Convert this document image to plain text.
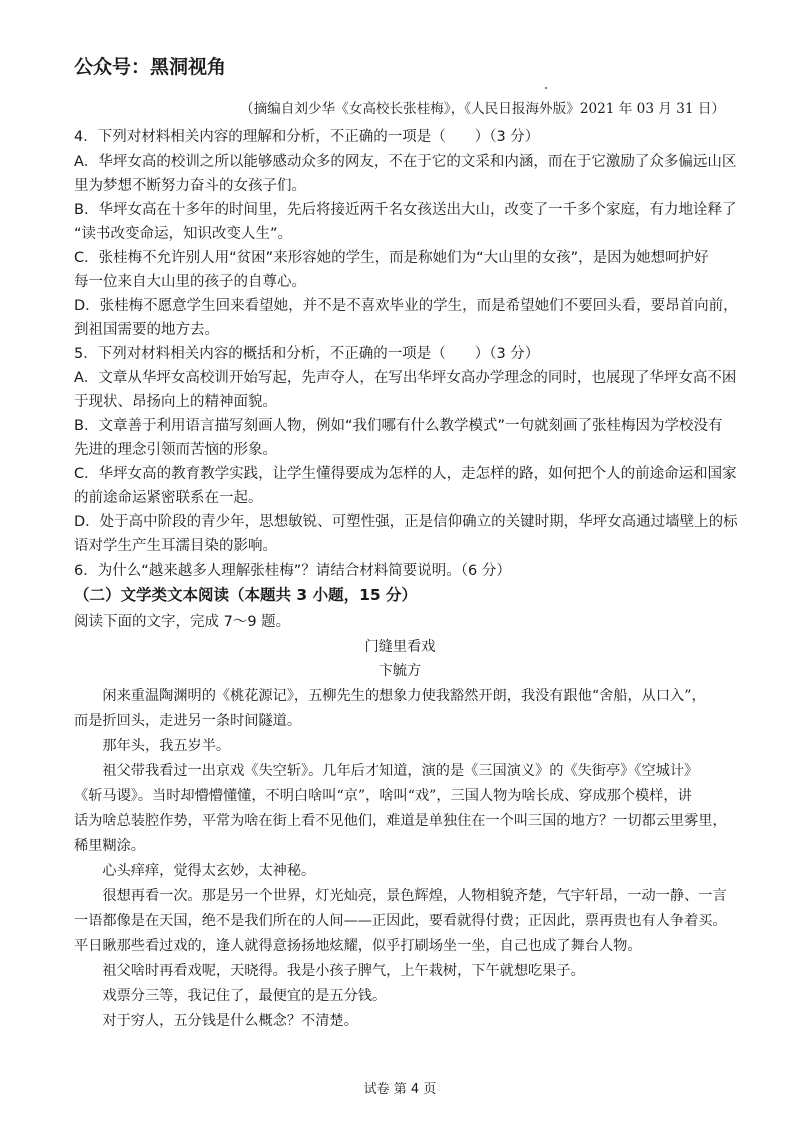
公众号：黑洞视角
（摘编自刘少华《女高校长张桂梅》，《人民日报海外版》2021 年 03 月 31 日）
4．下列对材料相关内容的理解和分析，不正确的一项是（　　）（3 分）
A．华坪女高的校训之所以能够感动众多的网友，不在于它的文采和内涵，而在于它激励了众多偏远山区
里为梦想不断努力奋斗的女孩子们。
B．华坪女高在十多年的时间里，先后将接近两千名女孩送出大山，改变了一千多个家庭，有力地诠释了
“读书改变命运，知识改变人生”。
C．张桂梅不允许别人用“贫困”来形容她的学生，而是称她们为“大山里的女孩”，是因为她想呵护好
每一位来自大山里的孩子的自尊心。
D．张桂梅不愿意学生回来看望她，并不是不喜欢毕业的学生，而是希望她们不要回头看，要昂首向前，
到祖国需要的地方去。
5．下列对材料相关内容的概括和分析，不正确的一项是（　　）（3 分）
A．文章从华坪女高校训开始写起，先声夺人，在写出华坪女高办学理念的同时，也展现了华坪女高不困
于现状、昂扬向上的精神面貌。
B．文章善于利用语言描写刻画人物，例如“我们哪有什么教学模式”一句就刻画了张桂梅因为学校没有
先进的理念引领而苦恼的形象。
C．华坪女高的教育教学实践，让学生懂得要成为怎样的人，走怎样的路，如何把个人的前途命运和国家
的前途命运紧密联系在一起。
D．处于高中阶段的青少年，思想敏锐、可塑性强，正是信仰确立的关键时期，华坪女高通过墙壁上的标
语对学生产生耳濡目染的影响。
6．为什么“越来越多人理解张桂梅”？请结合材料简要说明。（6 分）
（二）文学类文本阅读（本题共 3 小题，15 分）
阅读下面的文字，完成 7～9 题。
门缝里看戏
卞毓方
　　闲来重温陶渊明的《桃花源记》，五柳先生的想象力使我豁然开朗，我没有跟他“舍船，从口入”，
而是折回头，走进另一条时间隧道。
　　那年头，我五岁半。
　　祖父带我看过一出京戏《失空斩》。几年后才知道，演的是《三国演义》的《失街亭》《空城计》
《斩马谡》。当时却懵懵懂懂，不明白啥叫“京”，啥叫“戏”，三国人物为啥长成、穿成那个模样，讲
话为啥总装腔作势，平常为啥在街上看不见他们，难道是单独住在一个叫三国的地方？一切都云里雾里，
稀里糊涂。
　　心头痒痒，觉得太玄妙，太神秘。
　　很想再看一次。那是另一个世界，灯光灿亮，景色辉煌，人物相貌齐楚，气宇轩昂，一动一静、一言
一语都像是在天国，绝不是我们所在的人间——正因此，要看就得付费；正因此，票再贵也有人争着买。
平日瞅那些看过戏的，逢人就得意扬扬地炫耀，似乎打刷场坐一坐，自己也成了舞台人物。
　　祖父啥时再看戏呢，天晓得。我是小孩子脾气，上午栽树，下午就想吃果子。
　　戏票分三等，我记住了，最便宜的是五分钱。
　　对于穷人，五分钱是什么概念？不清楚。
试卷 第 4 页
